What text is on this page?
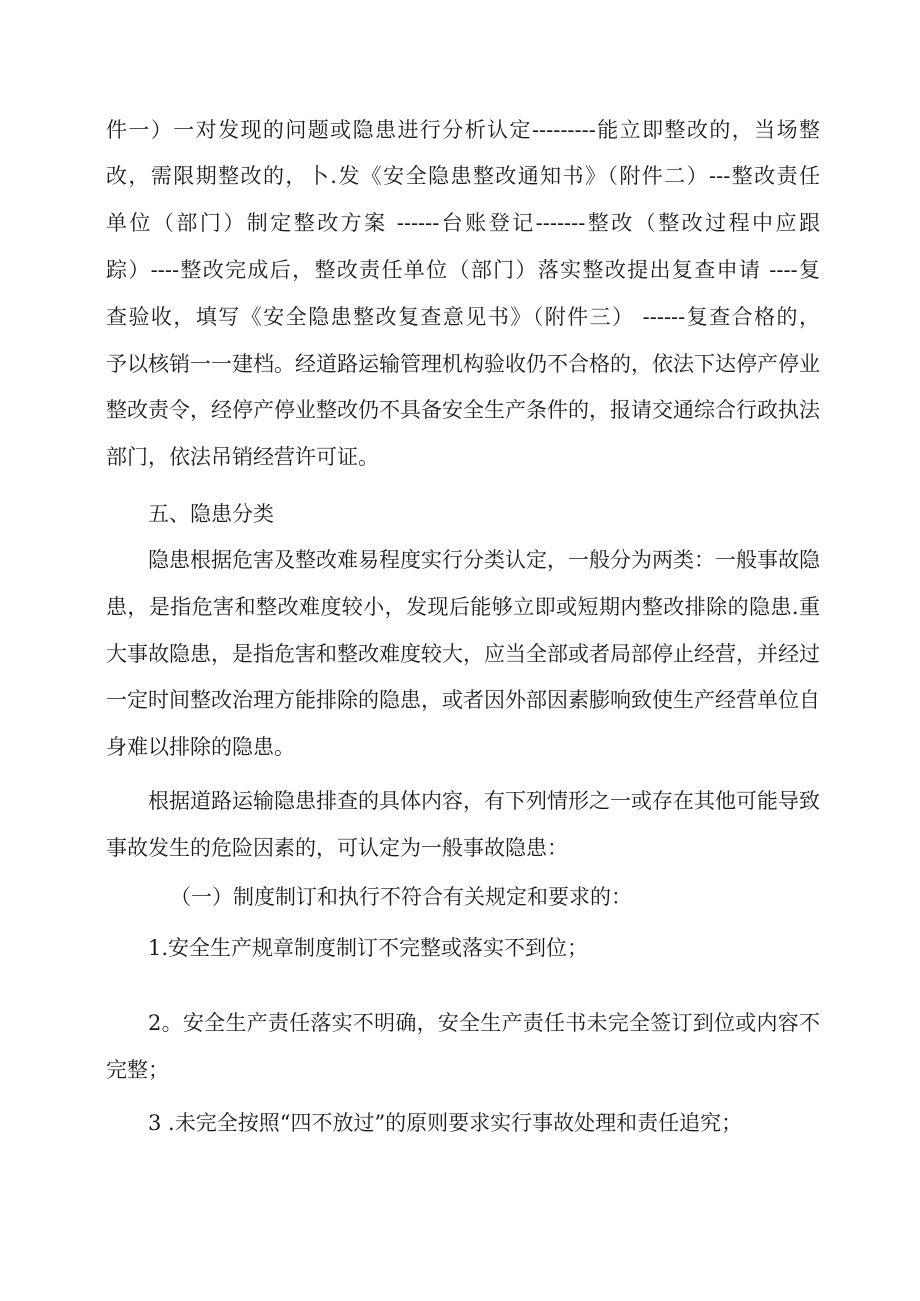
件一）一对发现的问题或隐患进行分析认定---------能立即整改的，当场整
改，需限期整改的，卜.发《安全隐患整改通知书》（附件二）---整改责任
单位（部门）制定整改方案 ------台账登记-------整改（整改过程中应跟
踪）----整改完成后，整改责任单位（部门）落实整改提出复查申请 ----复
查验收，填写《安全隐患整改复查意见书》（附件三） ------复查合格的，
予以核销一一建档。经道路运输管理机构验收仍不合格的，依法下达停产停业
整改责令，经停产停业整改仍不具备安全生产条件的，报请交通综合行政执法
部门，依法吊销经营许可证。
五、隐患分类
隐患根据危害及整改难易程度实行分类认定，一般分为两类：一般事故隐
患，是指危害和整改难度较小，发现后能够立即或短期内整改排除的隐患.重
大事故隐患，是指危害和整改难度较大，应当全部或者局部停止经营，并经过
一定时间整改治理方能排除的隐患，或者因外部因素膨响致使生产经营单位自
身难以排除的隐患。
根据道路运输隐患排查的具体内容，有下列情形之一或存在其他可能导致
事故发生的危险因素的，可认定为一般事故隐患：
（一）制度制订和执行不符合有关规定和要求的：
1.安全生产规章制度制订不完整或落实不到位；
2。安全生产责任落实不明确，安全生产责任书未完全签订到位或内容不
完整；
3 .未完全按照“四不放过”的原则要求实行事故处理和责任追究；
